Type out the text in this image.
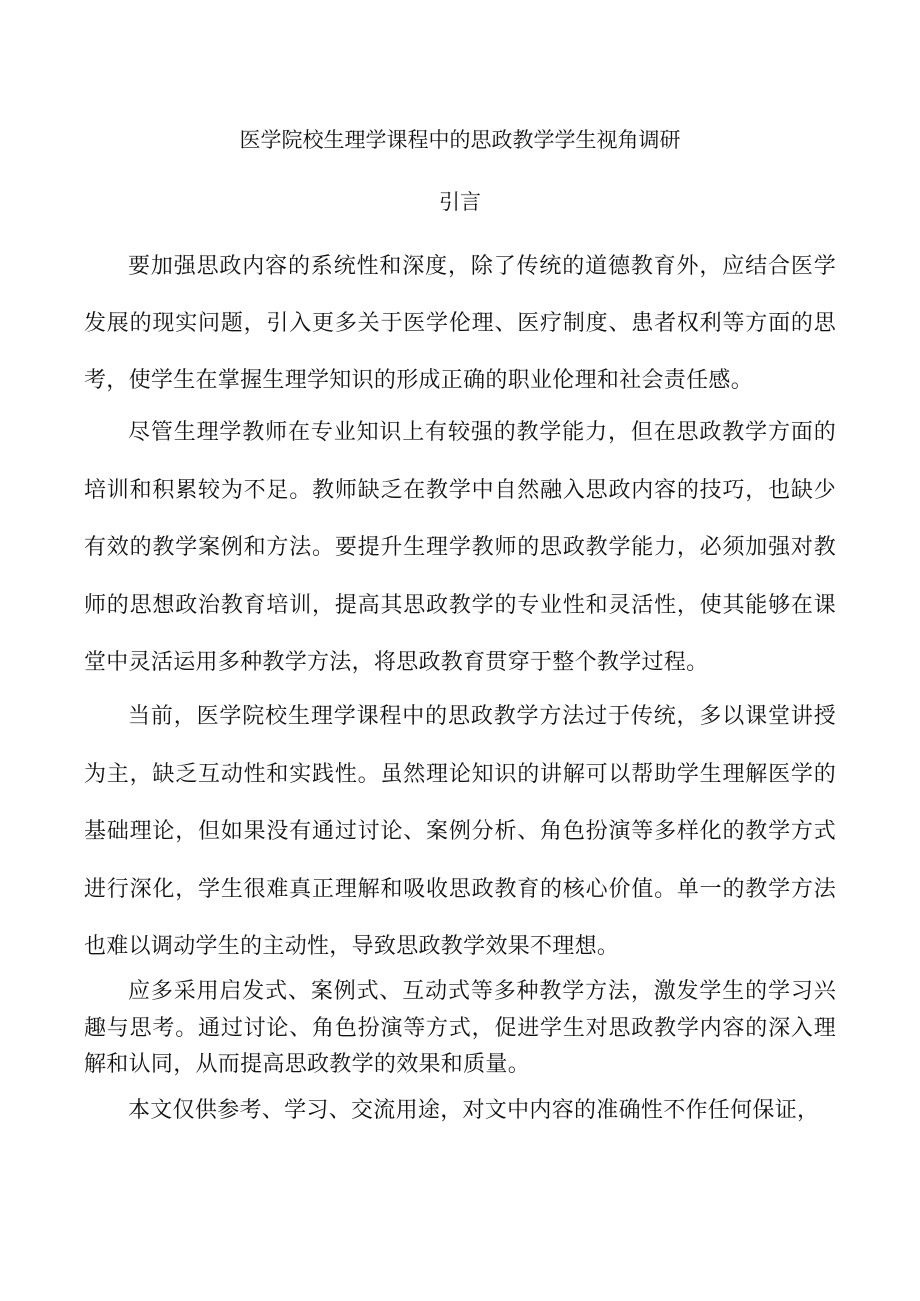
医学院校生理学课程中的思政教学学生视角调研
引言

要加强思政内容的系统性和深度，除了传统的道德教育外，应结合医学发展的现实问题，引入更多关于医学伦理、医疗制度、患者权利等方面的思考，使学生在掌握生理学知识的形成正确的职业伦理和社会责任感。

尽管生理学教师在专业知识上有较强的教学能力，但在思政教学方面的培训和积累较为不足。教师缺乏在教学中自然融入思政内容的技巧，也缺少有效的教学案例和方法。要提升生理学教师的思政教学能力，必须加强对教师的思想政治教育培训，提高其思政教学的专业性和灵活性，使其能够在课堂中灵活运用多种教学方法，将思政教育贯穿于整个教学过程。

当前，医学院校生理学课程中的思政教学方法过于传统，多以课堂讲授为主，缺乏互动性和实践性。虽然理论知识的讲解可以帮助学生理解医学的基础理论，但如果没有通过讨论、案例分析、角色扮演等多样化的教学方式进行深化，学生很难真正理解和吸收思政教育的核心价值。单一的教学方法也难以调动学生的主动性，导致思政教学效果不理想。

应多采用启发式、案例式、互动式等多种教学方法，激发学生的学习兴趣与思考。通过讨论、角色扮演等方式，促进学生对思政教学内容的深入理解和认同，从而提高思政教学的效果和质量。

本文仅供参考、学习、交流用途，对文中内容的准确性不作任何保证，
